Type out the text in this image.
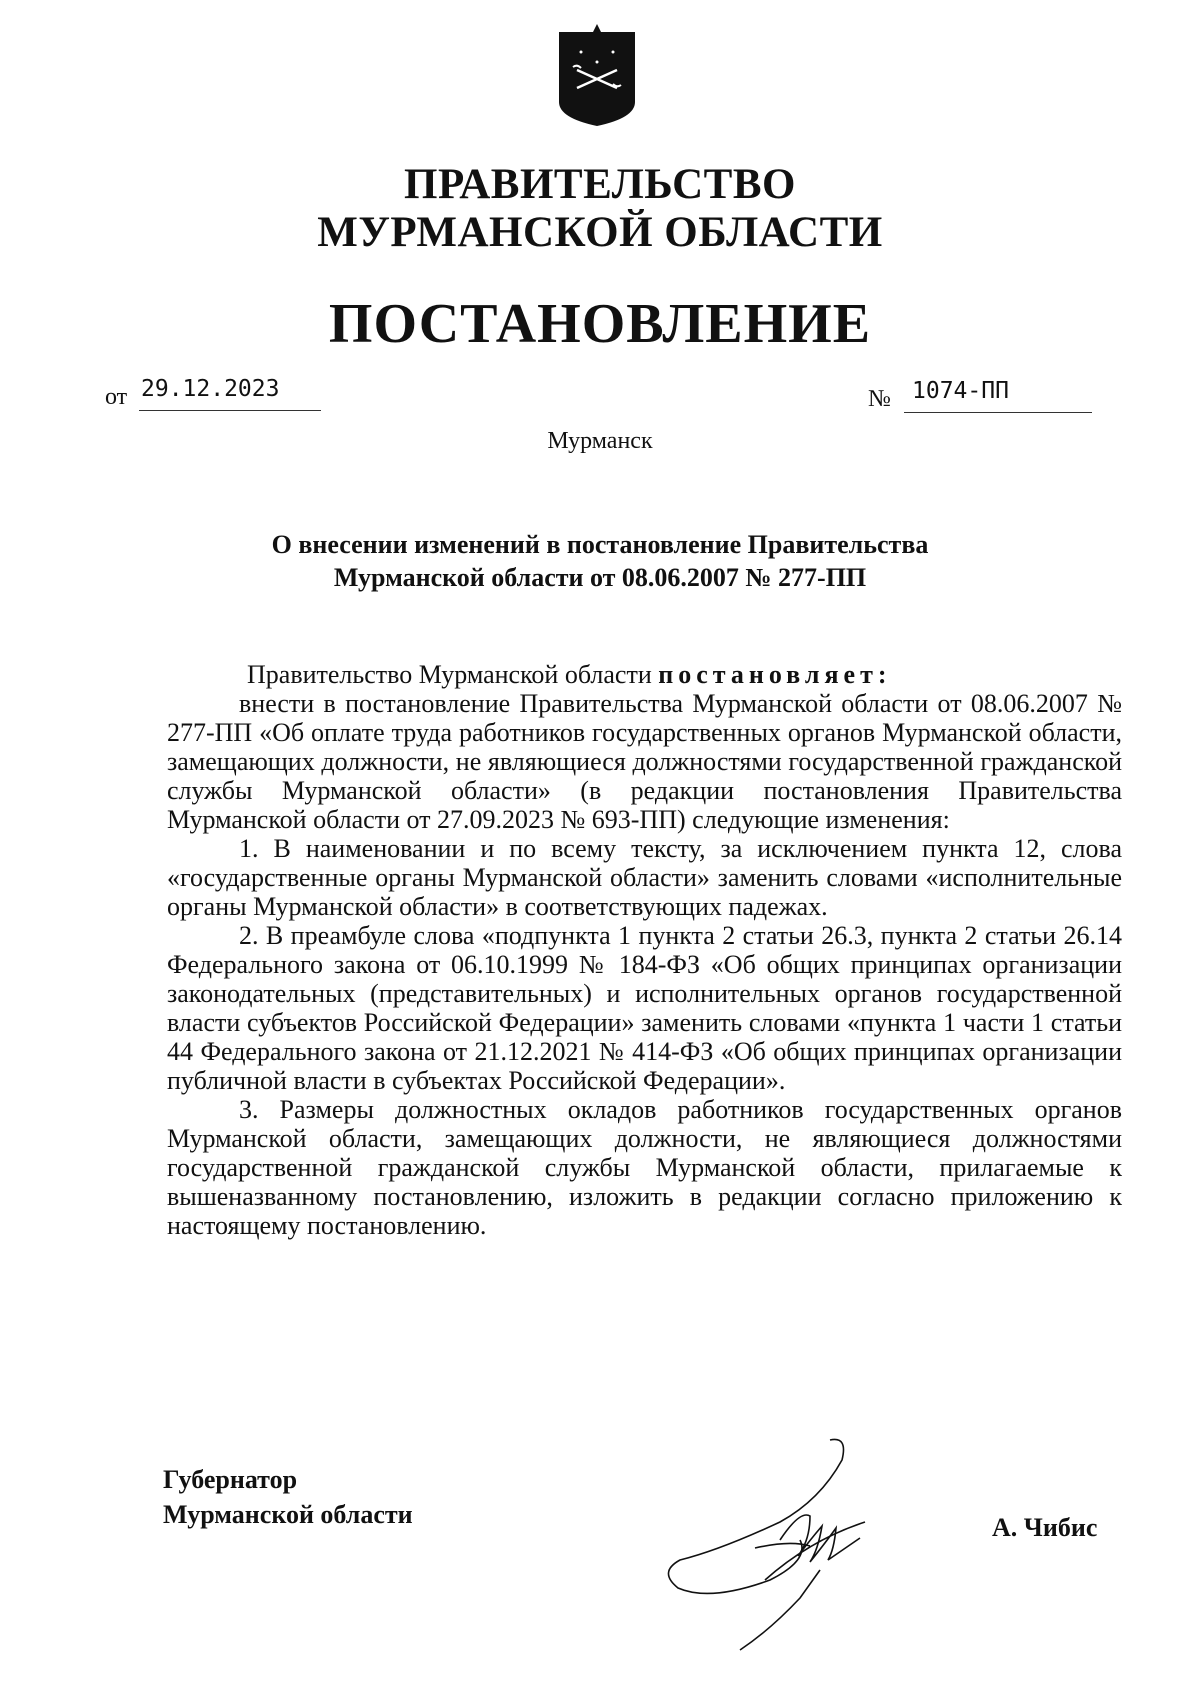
ПРАВИТЕЛЬСТВО
МУРМАНСКОЙ ОБЛАСТИ
ПОСТАНОВЛЕНИЕ
от 29.12.2023	№ 1074-ПП
Мурманск
О внесении изменений в постановление Правительства
Мурманской области от 08.06.2007 № 277-ПП

Правительство Мурманской области постановляет:

внести в постановление Правительства Мурманской области от 08.06.2007 № 277-ПП «Об оплате труда работников государственных органов Мурманской области, замещающих должности, не являющиеся должностями государственной гражданской службы Мурманской области» (в редакции постановления Правительства Мурманской области от 27.09.2023 № 693-ПП) следующие изменения:

1. В наименовании и по всему тексту, за исключением пункта 12, слова «государственные органы Мурманской области» заменить словами «исполнительные органы Мурманской области» в соответствующих падежах.

2. В преамбуле слова «подпункта 1 пункта 2 статьи 26.3, пункта 2 статьи 26.14 Федерального закона от 06.10.1999 № 184-ФЗ «Об общих принципах организации законодательных (представительных) и исполнительных органов государственной власти субъектов Российской Федерации» заменить словами «пункта 1 части 1 статьи 44 Федерального закона от 21.12.2021 № 414-ФЗ «Об общих принципах организации публичной власти в субъектах Российской Федерации».

3. Размеры должностных окладов работников государственных органов Мурманской области, замещающих должности, не являющиеся должностями государственной гражданской службы Мурманской области, прилагаемые к вышеназванному постановлению, изложить в редакции согласно приложению к настоящему постановлению.

Губернатор
Мурманской области	А. Чибис
